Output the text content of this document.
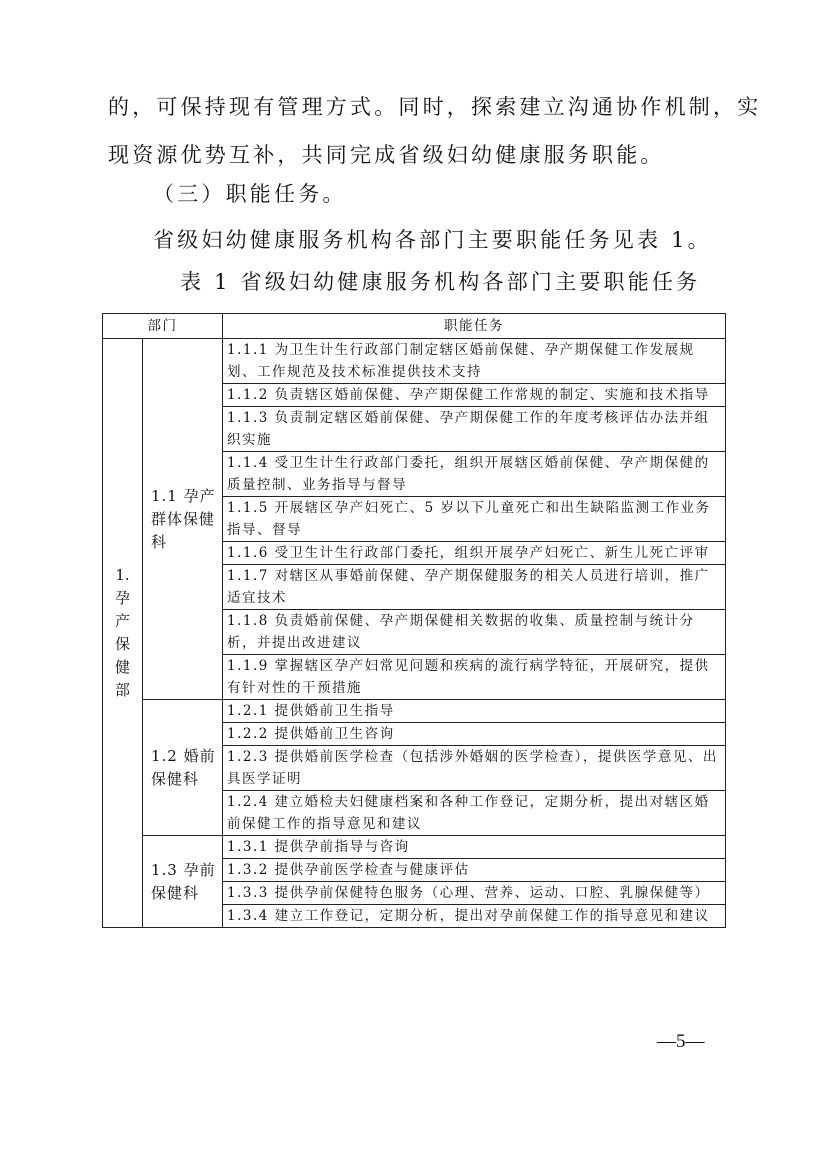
的，可保持现有管理方式。同时，探索建立沟通协作机制，实
现资源优势互补，共同完成省级妇幼健康服务职能。
（三）职能任务。
省级妇幼健康服务机构各部门主要职能任务见表 1。
表 1 省级妇幼健康服务机构各部门主要职能任务
部门		职能任务
1.孕产保健部	1.1 孕产群体保健科	1.1.1 为卫生计生行政部门制定辖区婚前保健、孕产期保健工作发展规划、工作规范及技术标准提供技术支持
		1.1.2 负责辖区婚前保健、孕产期保健工作常规的制定、实施和技术指导
		1.1.3 负责制定辖区婚前保健、孕产期保健工作的年度考核评估办法并组织实施
		1.1.4 受卫生计生行政部门委托，组织开展辖区婚前保健、孕产期保健的质量控制、业务指导与督导
		1.1.5 开展辖区孕产妇死亡、5 岁以下儿童死亡和出生缺陷监测工作业务指导、督导
		1.1.6 受卫生计生行政部门委托，组织开展孕产妇死亡、新生儿死亡评审
		1.1.7 对辖区从事婚前保健、孕产期保健服务的相关人员进行培训，推广适宜技术
		1.1.8 负责婚前保健、孕产期保健相关数据的收集、质量控制与统计分析，并提出改进建议
		1.1.9 掌握辖区孕产妇常见问题和疾病的流行病学特征，开展研究，提供有针对性的干预措施
	1.2 婚前保健科	1.2.1 提供婚前卫生指导
		1.2.2 提供婚前卫生咨询
		1.2.3 提供婚前医学检查（包括涉外婚姻的医学检查），提供医学意见、出具医学证明
		1.2.4 建立婚检夫妇健康档案和各种工作登记，定期分析，提出对辖区婚前保健工作的指导意见和建议
	1.3 孕前保健科	1.3.1 提供孕前指导与咨询
		1.3.2 提供孕前医学检查与健康评估
		1.3.3 提供孕前保健特色服务（心理、营养、运动、口腔、乳腺保健等）
		1.3.4 建立工作登记，定期分析，提出对孕前保健工作的指导意见和建议
—5—
